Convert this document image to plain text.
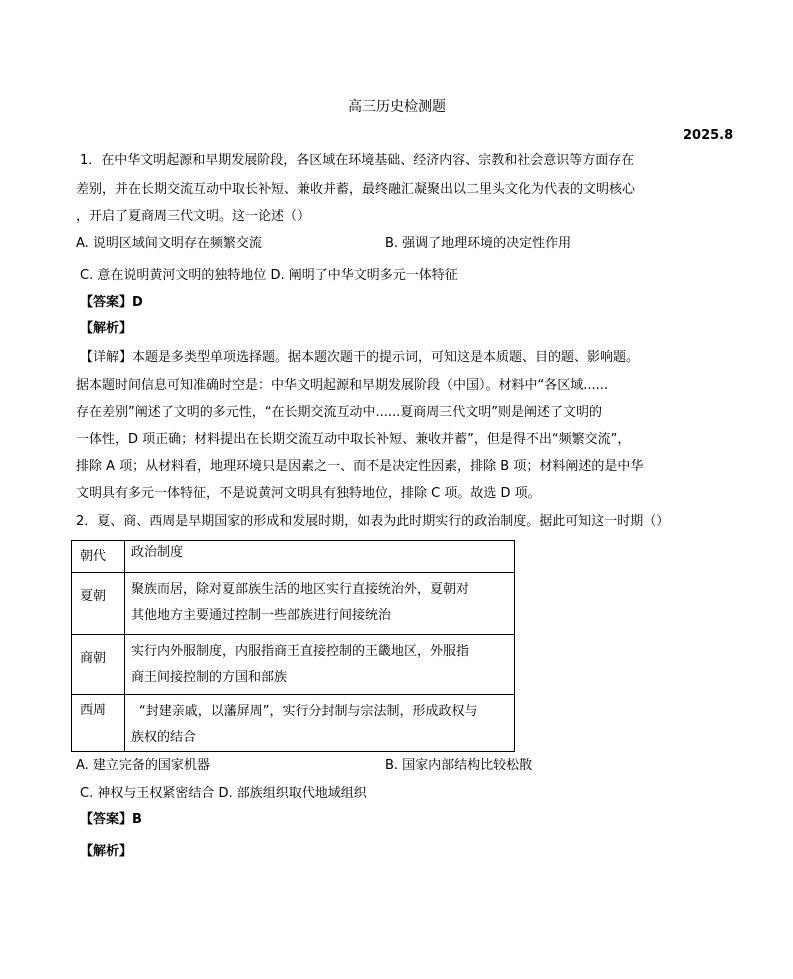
高三历史检测题
2025.8
1．在中华文明起源和早期发展阶段，各区域在环境基础、经济内容、宗教和社会意识等方面存在
差别，并在长期交流互动中取长补短、兼收并蓄，最终融汇凝聚出以二里头文化为代表的文明核心
，开启了夏商周三代文明。这一论述（）
A. 说明区域间文明存在频繁交流	B. 强调了地理环境的决定性作用
C. 意在说明黄河文明的独特地位 D. 阐明了中华文明多元一体特征
【答案】D
【解析】
【详解】本题是多类型单项选择题。据本题次题干的提示词，可知这是本质题、目的题、影响题。
据本题时间信息可知准确时空是：中华文明起源和早期发展阶段（中国）。材料中“各区域......
存在差别”阐述了文明的多元性，“在长期交流互动中......夏商周三代文明”则是阐述了文明的
一体性，D 项正确；材料提出在长期交流互动中取长补短、兼收并蓄”，但是得不出“频繁交流”，
排除 A 项；从材料看，地理环境只是因素之一、而不是决定性因素，排除 B 项；材料阐述的是中华
文明具有多元一体特征，不是说黄河文明具有独特地位，排除 C 项。故选 D 项。
2．夏、商、西周是早期国家的形成和发展时期，如表为此时期实行的政治制度。据此可知这一时期（）
朝代	政治制度
夏朝	聚族而居，除对夏部族生活的地区实行直接统治外，夏朝对
其他地方主要通过控制一些部族进行间接统治

商朝	实行内外服制度，内服指商王直接控制的王畿地区，外服指
商王间接控制的方国和部族

西周	“封建亲戚，以藩屏周”，实行分封制与宗法制，形成政权与
族权的结合
A. 建立完备的国家机器	B. 国家内部结构比较松散
C. 神权与王权紧密结合 D. 部族组织取代地域组织
【答案】B
【解析】
